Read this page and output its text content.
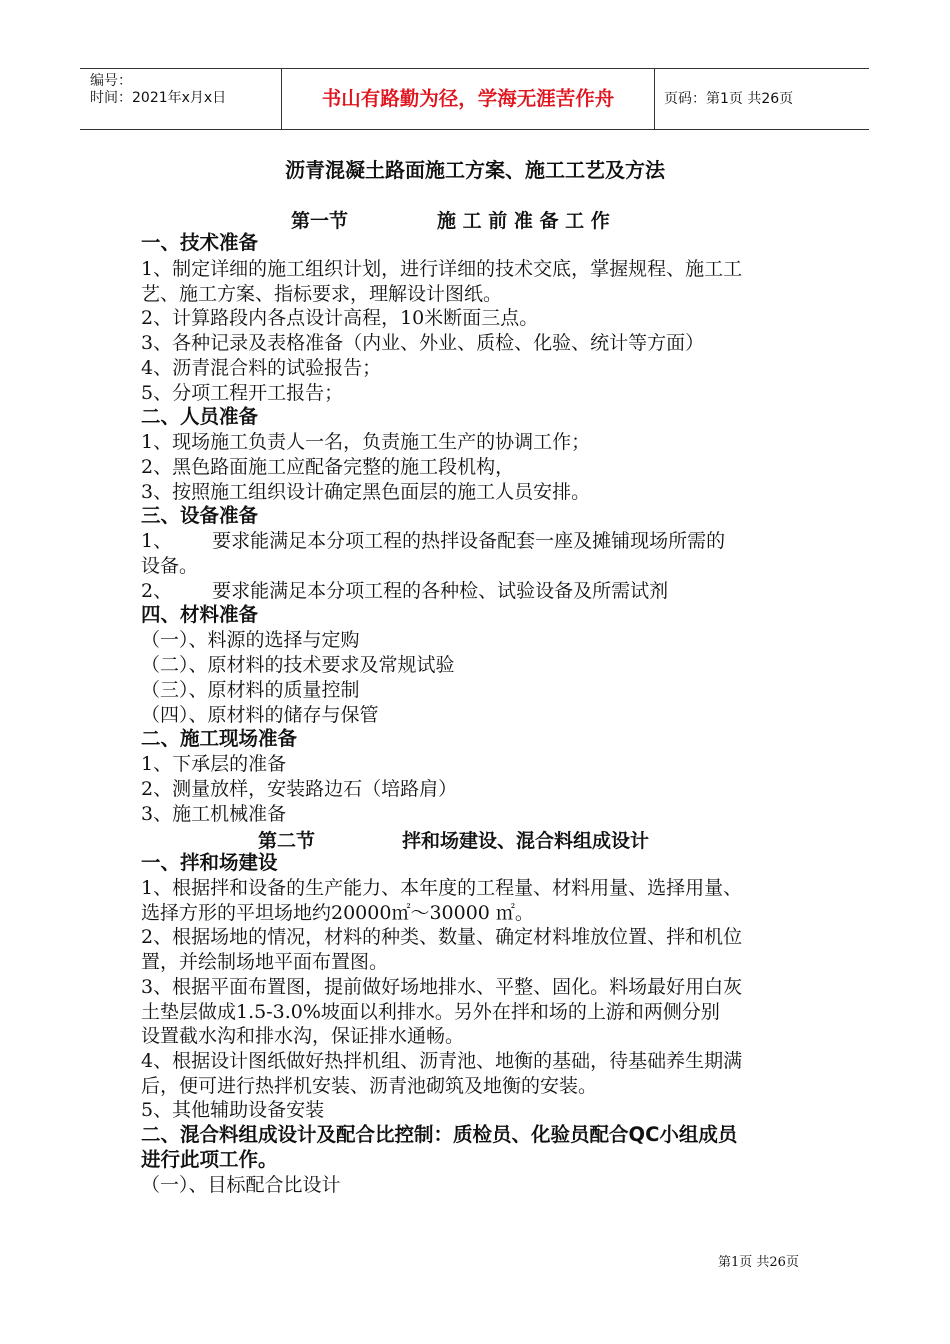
编号：
时间：2021年x月x日	书山有路勤为径，学海无涯苦作舟	页码：第1页 共26页
沥青混凝土路面施工方案、施工工艺及方法
第一节	施 工 前 准 备 工 作
一、技术准备
1、制定详细的施工组织计划，进行详细的技术交底，掌握规程、施工工
艺、施工方案、指标要求，理解设计图纸。
2、计算路段内各点设计高程，10米断面三点。
3、各种记录及表格准备（内业、外业、质检、化验、统计等方面）
4、沥青混合料的试验报告；
5、分项工程开工报告；
二、人员准备
1、现场施工负责人一名，负责施工生产的协调工作；
2、黑色路面施工应配备完整的施工段机构，
3、按照施工组织设计确定黑色面层的施工人员安排。
三、设备准备
1、 要求能满足本分项工程的热拌设备配套一座及摊铺现场所需的
设备。
2、 要求能满足本分项工程的各种检、试验设备及所需试剂
四、材料准备
（一）、料源的选择与定购
（二）、原材料的技术要求及常规试验
（三）、原材料的质量控制
（四）、原材料的储存与保管
二、施工现场准备
1、下承层的准备
2、测量放样，安装路边石（培路肩）
3、施工机械准备
第二节	拌和场建设、混合料组成设计
一、拌和场建设
1、根据拌和设备的生产能力、本年度的工程量、材料用量、选择用量、
选择方形的平坦场地约20000㎡～30000 ㎡。
2、根据场地的情况，材料的种类、数量、确定材料堆放位置、拌和机位
置，并绘制场地平面布置图。
3、根据平面布置图，提前做好场地排水、平整、固化。料场最好用白灰
土垫层做成1.5-3.0%坡面以利排水。另外在拌和场的上游和两侧分别
设置截水沟和排水沟，保证排水通畅。
4、根据设计图纸做好热拌机组、沥青池、地衡的基础，待基础养生期满
后，便可进行热拌机安装、沥青池砌筑及地衡的安装。
5、其他辅助设备安装
二、混合料组成设计及配合比控制：质检员、化验员配合QC小组成员
进行此项工作。
（一）、目标配合比设计
第1页 共26页
